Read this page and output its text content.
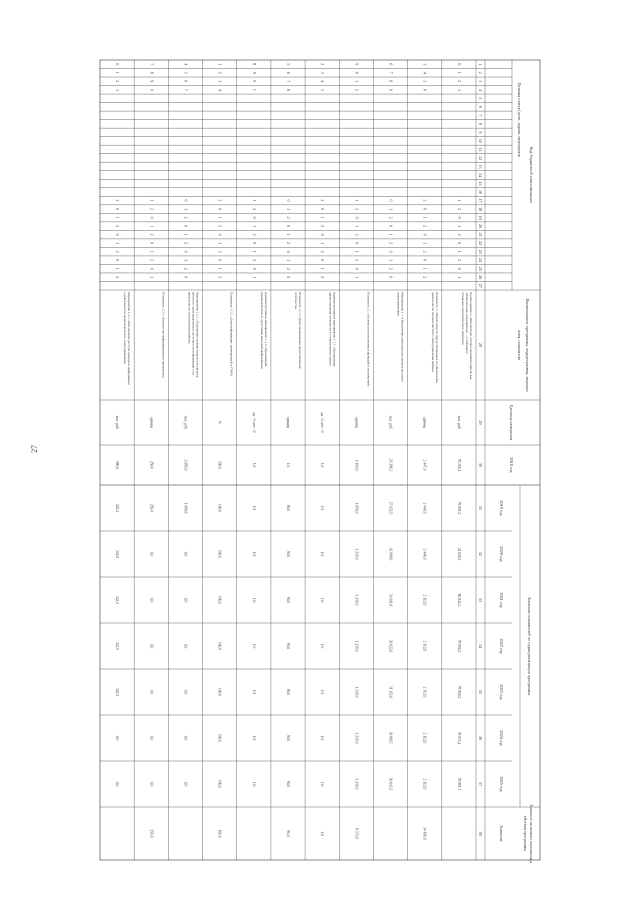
27
Код бюджетной классификации
Целевая статья (цели, задачи, мероприяти
Наименование программы, подпрограммы, меропри
ятия, показателя
Единица измерения
2018 год
Значения показателей по годам реализации программы
Значение на момент окончания д
ействия программы
Значение
2019 год
2020 год
2021 год
2022 год
2023 год
2024 год
2025 год
1
2
3
4
5
6
7
8
9
10
11
12
13
14
15
16
17
18
19
20
21
22
23
24
25
26
27
28
29
30
31
32
33
34
35
36
37
38
Подпрограмма 1 «Обеспечение сектора экономики района как
«Комплексная» предприятия ... устойчивого
социально-экономического развития»
тыс. руб.
78 350,1
79 691,2
21 826,5
80 844,3
79 950,2
79 950,2
79 874,4
79 891,7
0
1
2
3
1
2
0
1
2
0
1
2
0
1
Показатель 1 «Объем средств, предусмотренных на обеспечение
деятельности органов местного самоуправления района»
единиц
2 447,0
2 440,0
2 440,0
2 112,0
2 112,0
2 112,0
2 112,0
2 112,0
14 160,0
3
4
5
6
2
0
1
2
0
1
2
0
1
2
Мероприятие 1.1 «Обеспечение деятельности органов местного
самоуправления»
тыс. руб.
21 286,3
27 032,5
42 998,6
31 601,8
30 622,6
31 152,0
30 669,7
30 643,2
6
7
8
9
0
1
2
0
1
2
0
1
2
0
Показатель 1.1 «Количество исполненных функций и полномочий»
единиц
1 494,0
1 050,0
1 219,0
1 219,0
1 219,0
1 219,0
1 219,0
1 219,0
8 373,0
9
0
1
2
1
2
0
1
2
0
1
2
0
1
Административное мероприятие 1.1.1 «Организация
предоставления отчетности в установленные сроки»
да - 1, нет - 0
1,0
1,0
1,0
1,0
1,0
1,0
1,0
1,0
1,0
2
3
4
5
2
0
1
2
0
1
2
0
1
2
Показатель 1.1.1 «Доля своевременно представленной
отчетности»
единиц
1,0
90,0
90,0
90,0
90,0
90,0
90,0
90,0
90,0
5
6
7
8
0
1
2
0
1
2
0
1
2
0
Административное мероприятие 1.1.2 «Организация
взаимодействия со средствами массовой информации»
да - 1, нет - 0
1,0
1,0
1,0
1,0
1,0
1,0
1,0
1,0
8
9
0
1
1
2
0
1
2
0
1
2
0
1
Показатель 1.1.2 «Доля информации, размещенной в СМИ»
%
100,0
100,0
100,0
100,0
100,0
100,0
100,0
100,0
100,0
1
2
3
4
2
0
1
2
0
1
2
0
1
2
Мероприятие 1.2.1 «Повышение уровня открытости органов
местного самоуправления и доступности информации о их
деятельности для населения района»
тыс. руб.
2 085,9
1 498,6
0,0
0,0
0,0
0,0
0,0
0,0
4
5
6
7
0
1
2
0
1
2
0
1
2
0
Показатель 1.2.1 «Количество информационных материалов»
единиц
250,0
250,0
0,0
0,0
0,0
0,0
0,0
0,0
250,0
7
8
9
0
1
2
0
1
2
0
1
2
0
1
Мероприятие 1.3.1 «Обеспечение доступа граждан к информации
о деятельности органов местного самоуправления»
тыс. руб.
180,0
245,4
341,6
342,5
342,5
342,5
0,0
0,0
0
1
2
3
2
0
1
2
0
1
2
0
1
2
